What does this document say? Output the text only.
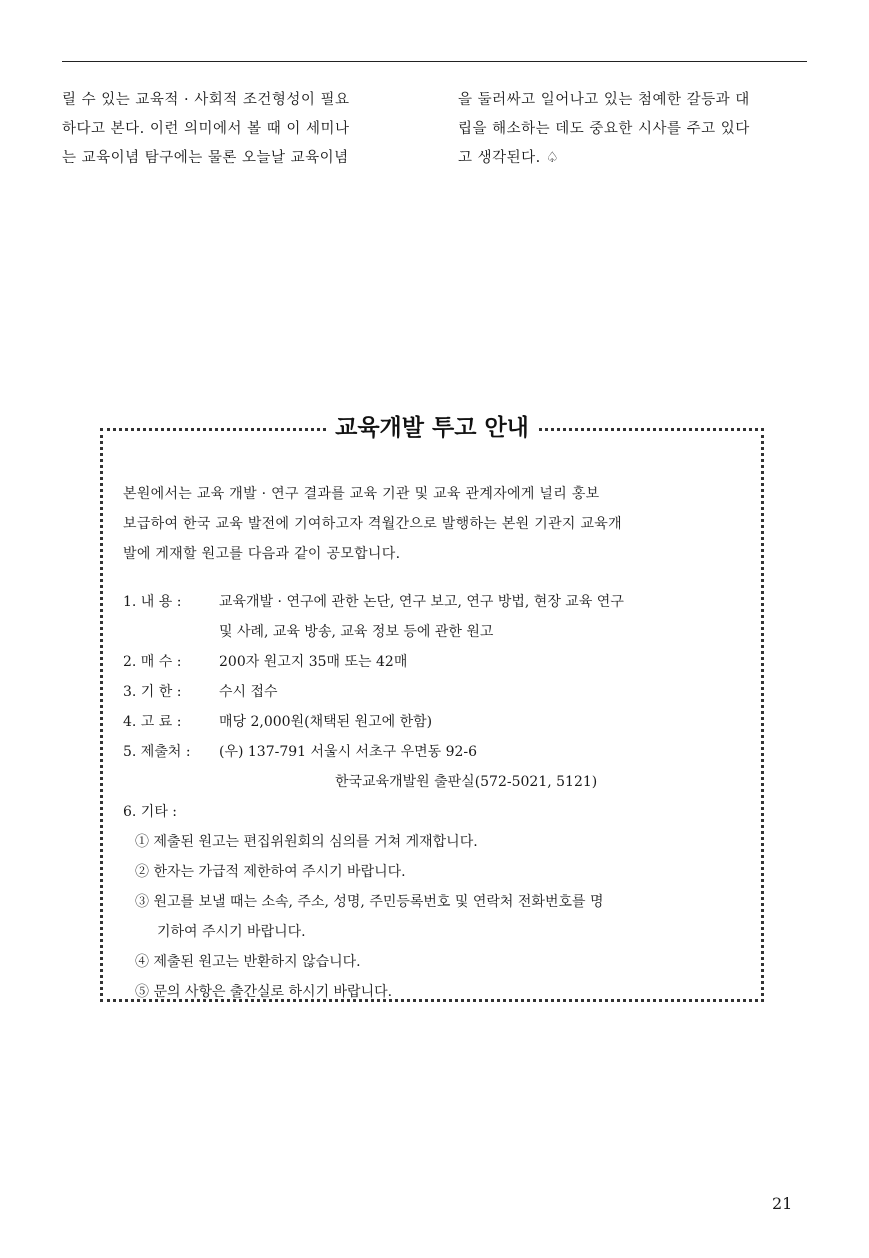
릴 수 있는 교육적 · 사회적 조건형성이 필요

하다고 본다. 이런 의미에서 볼 때 이 세미나

는 교육이념 탐구에는 물론 오늘날 교육이념

을 둘러싸고 일어나고 있는 첨예한 갈등과 대

립을 해소하는 데도 중요한 시사를 주고 있다

고 생각된다. ♤

교육개발 투고 안내

본원에서는 교육 개발 · 연구 결과를 교육 기관 및 교육 관계자에게 널리 홍보

보급하여 한국 교육 발전에 기여하고자 격월간으로 발행하는 본원 기관지 교육개

발에 게재할 원고를 다음과 같이 공모합니다.

1. 내 용 :	교육개발 · 연구에 관한 논단, 연구 보고, 연구 방법, 현장 교육 연구
및 사례, 교육 방송, 교육 정보 등에 관한 원고
2. 매 수 :	200자 원고지 35매 또는 42매
3. 기 한 :	수시 접수
4. 고 료 :	매당 2,000원(채택된 원고에 한함)
5. 제출처 :	(우) 137-791 서울시 서초구 우면동 92-6
한국교육개발원 출판실(572-5021, 5121)
6. 기타 :

① 제출된 원고는 편집위원회의 심의를 거쳐 게재합니다.

② 한자는 가급적 제한하여 주시기 바랍니다.

③ 원고를 보낼 때는 소속, 주소, 성명, 주민등록번호 및 연락처 전화번호를 명

기하여 주시기 바랍니다.

④ 제출된 원고는 반환하지 않습니다.

⑤ 문의 사항은 출간실로 하시기 바랍니다.

21
